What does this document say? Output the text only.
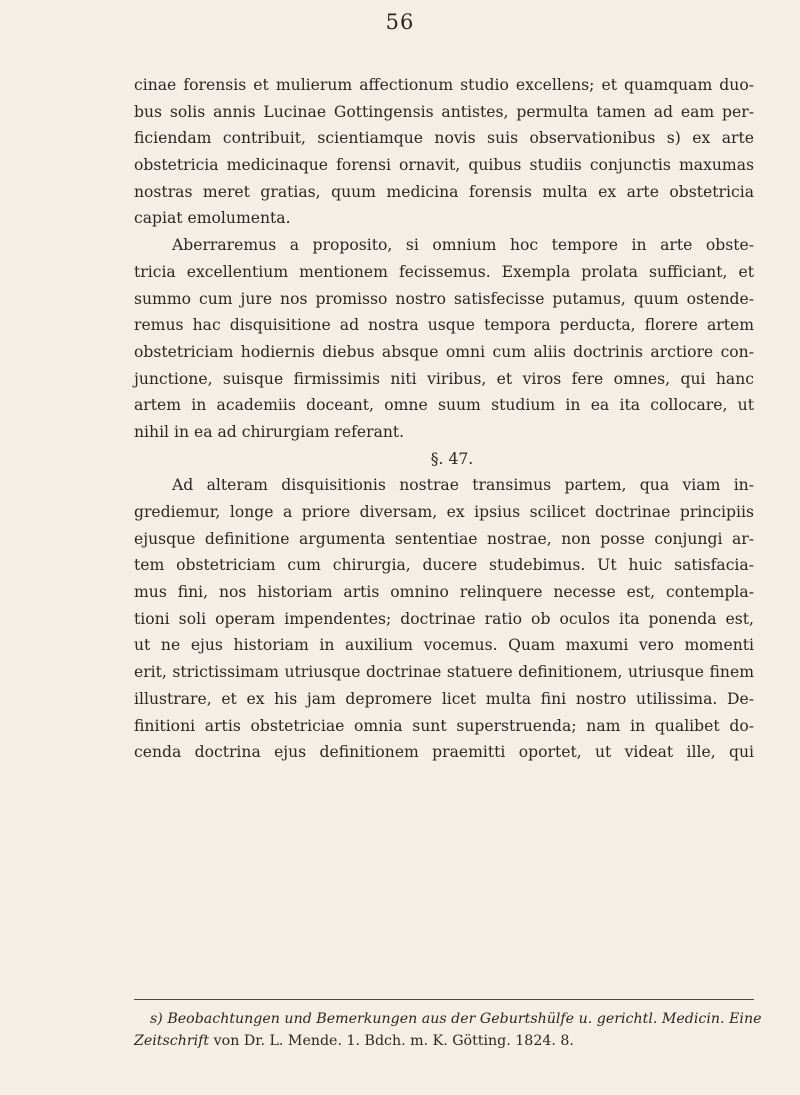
56
cinae forensis et mulierum affectionum studio excellens; et quamquam duo-
bus solis annis Lucinae Gottingensis antistes, permulta tamen ad eam per-
ficiendam contribuit, scientiamque novis suis observationibus s) ex arte
obstetricia medicinaque forensi ornavit, quibus studiis conjunctis maxumas
nostras meret gratias, quum medicina forensis multa ex arte obstetricia
capiat emolumenta.
Aberraremus a proposito, si omnium hoc tempore in arte obste-
tricia excellentium mentionem fecissemus. Exempla prolata sufficiant, et
summo cum jure nos promisso nostro satisfecisse putamus, quum ostende-
remus hac disquisitione ad nostra usque tempora perducta, florere artem
obstetriciam hodiernis diebus absque omni cum aliis doctrinis arctiore con-
junctione, suisque firmissimis niti viribus, et viros fere omnes, qui hanc
artem in academiis doceant, omne suum studium in ea ita collocare, ut
nihil in ea ad chirurgiam referant.
§. 47.
Ad alteram disquisitionis nostrae transimus partem, qua viam in-
grediemur, longe a priore diversam, ex ipsius scilicet doctrinae principiis
ejusque definitione argumenta sententiae nostrae, non posse conjungi ar-
tem obstetriciam cum chirurgia, ducere studebimus. Ut huic satisfacia-
mus fini, nos historiam artis omnino relinquere necesse est, contempla-
tioni soli operam impendentes; doctrinae ratio ob oculos ita ponenda est,
ut ne ejus historiam in auxilium vocemus. Quam maxumi vero momenti
erit, strictissimam utriusque doctrinae statuere definitionem, utriusque finem
illustrare, et ex his jam depromere licet multa fini nostro utilissima. De-
finitioni artis obstetriciae omnia sunt superstruenda; nam in qualibet do-
cenda doctrina ejus definitionem praemitti oportet, ut videat ille, qui
s) Beobachtungen und Bemerkungen aus der Geburtshülfe u. gerichtl. Medicin. Eine
Zeitschrift von Dr. L. Mende. 1. Bdch. m. K. Götting. 1824. 8.
